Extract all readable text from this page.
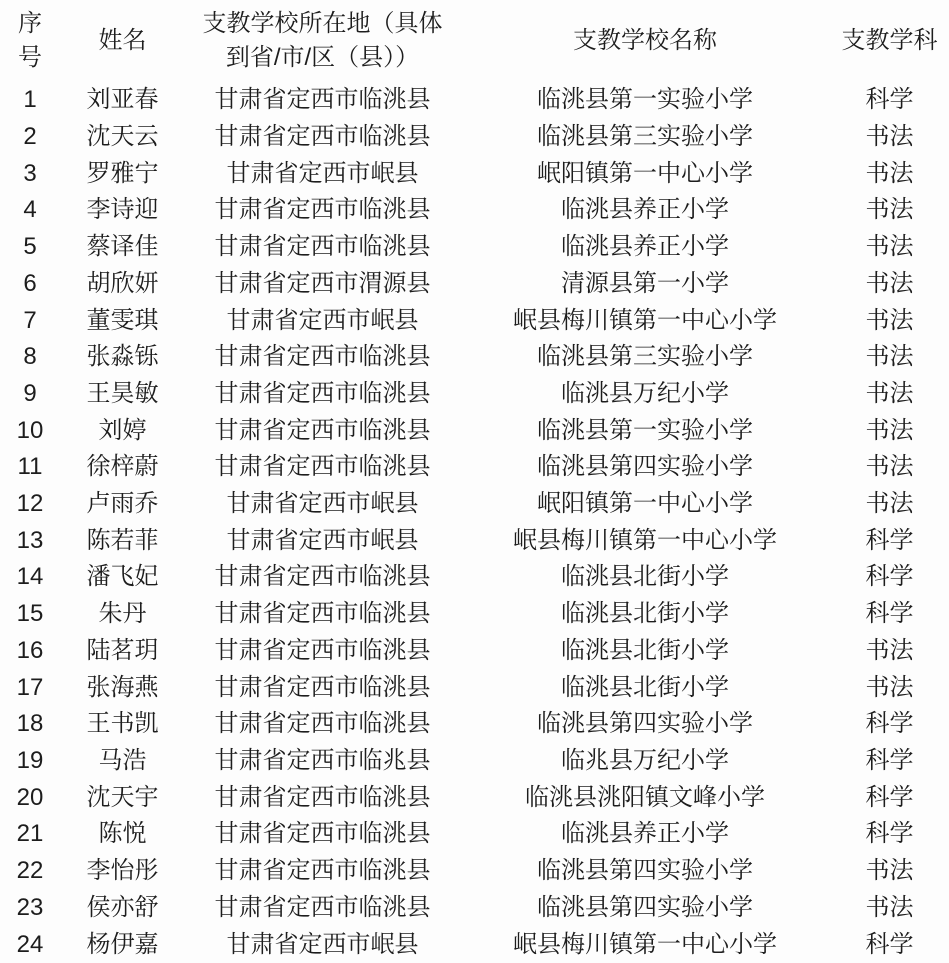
序号	姓名	支教学校所在地（具体到省/市/区（县））	支教学校名称	支教学科
1	刘亚春	甘肃省定西市临洮县	临洮县第一实验小学	科学
2	沈天云	甘肃省定西市临洮县	临洮县第三实验小学	书法
3	罗雅宁	甘肃省定西市岷县	岷阳镇第一中心小学	书法
4	李诗迎	甘肃省定西市临洮县	临洮县养正小学	书法
5	蔡译佳	甘肃省定西市临洮县	临洮县养正小学	书法
6	胡欣妍	甘肃省定西市渭源县	清源县第一小学	书法
7	董雯琪	甘肃省定西市岷县	岷县梅川镇第一中心小学	书法
8	张淼铄	甘肃省定西市临洮县	临洮县第三实验小学	书法
9	王昊敏	甘肃省定西市临洮县	临洮县万纪小学	书法
10	刘婷	甘肃省定西市临洮县	临洮县第一实验小学	书法
11	徐梓蔚	甘肃省定西市临洮县	临洮县第四实验小学	书法
12	卢雨乔	甘肃省定西市岷县	岷阳镇第一中心小学	书法
13	陈若菲	甘肃省定西市岷县	岷县梅川镇第一中心小学	科学
14	潘飞妃	甘肃省定西市临洮县	临洮县北街小学	科学
15	朱丹	甘肃省定西市临洮县	临洮县北街小学	科学
16	陆茗玥	甘肃省定西市临洮县	临洮县北街小学	书法
17	张海燕	甘肃省定西市临洮县	临洮县北街小学	书法
18	王书凯	甘肃省定西市临洮县	临洮县第四实验小学	科学
19	马浩	甘肃省定西市临兆县	临兆县万纪小学	科学
20	沈天宇	甘肃省定西市临洮县	临洮县洮阳镇文峰小学	科学
21	陈悦	甘肃省定西市临洮县	临洮县养正小学	科学
22	李怡彤	甘肃省定西市临洮县	临洮县第四实验小学	书法
23	侯亦舒	甘肃省定西市临洮县	临洮县第四实验小学	书法
24	杨伊嘉	甘肃省定西市岷县	岷县梅川镇第一中心小学	科学
